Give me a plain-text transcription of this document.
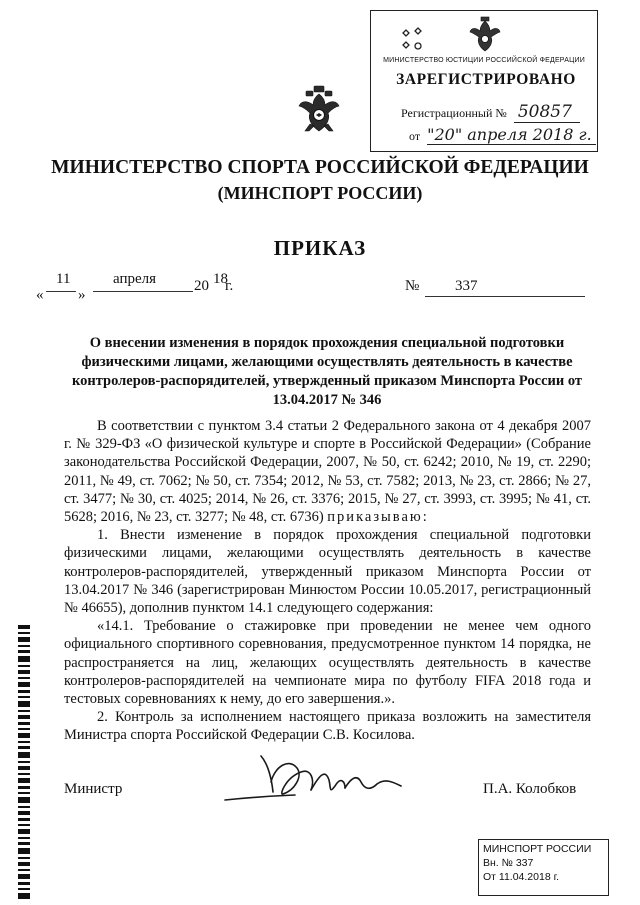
МИНИСТЕРСТВО ЮСТИЦИИ РОССИЙСКОЙ ФЕДЕРАЦИИ
ЗАРЕГИСТРИРОВАНО
Регистрационный № 50857
от "20" апреля 2018 г.
МИНИСТЕРСТВО СПОРТА РОССИЙСКОЙ ФЕДЕРАЦИИ
(МИНСПОРТ РОССИИ)
ПРИКАЗ
«
11
»
апреля	20 18
г.	№ 337
О внесении изменения в порядок прохождения специальной подготовки физическими лицами, желающими осуществлять деятельность в качестве контролеров-распорядителей, утвержденный приказом Минспорта России от 13.04.2017 № 346

В соответствии с пунктом 3.4 статьи 2 Федерального закона от 4 декабря 2007 г. № 329-ФЗ «О физической культуре и спорте в Российской Федерации» (Собрание законодательства Российской Федерации, 2007, № 50, ст. 6242; 2010, № 19, ст. 2290; 2011, № 49, ст. 7062; № 50, ст. 7354; 2012, № 53, ст. 7582; 2013, № 23, ст. 2866; № 27, ст. 3477; № 30, ст. 4025; 2014, № 26, ст. 3376; 2015, № 27, ст. 3993, ст. 3995; № 41, ст. 5628; 2016, № 23, ст. 3277; № 48, ст. 6736) приказываю:

1. Внести изменение в порядок прохождения специальной подготовки физическими лицами, желающими осуществлять деятельность в качестве контролеров-распорядителей, утвержденный приказом Минспорта России от 13.04.2017 № 346 (зарегистрирован Минюстом России 10.05.2017, регистрационный № 46655), дополнив пунктом 14.1 следующего содержания:

«14.1. Требование о стажировке при проведении не менее чем одного официального спортивного соревнования, предусмотренное пунктом 14 порядка, не распространяется на лиц, желающих осуществлять деятельность в качестве контролеров-распорядителей на чемпионате мира по футболу FIFA 2018 года и тестовых соревнованиях к нему, до его завершения.».

2. Контроль за исполнением настоящего приказа возложить на заместителя Министра спорта Российской Федерации С.В. Косилова.

Министр	П.А. Колобков
МИНСПОРТ РОССИИ
Вн. № 337
От 11.04.2018 г.
